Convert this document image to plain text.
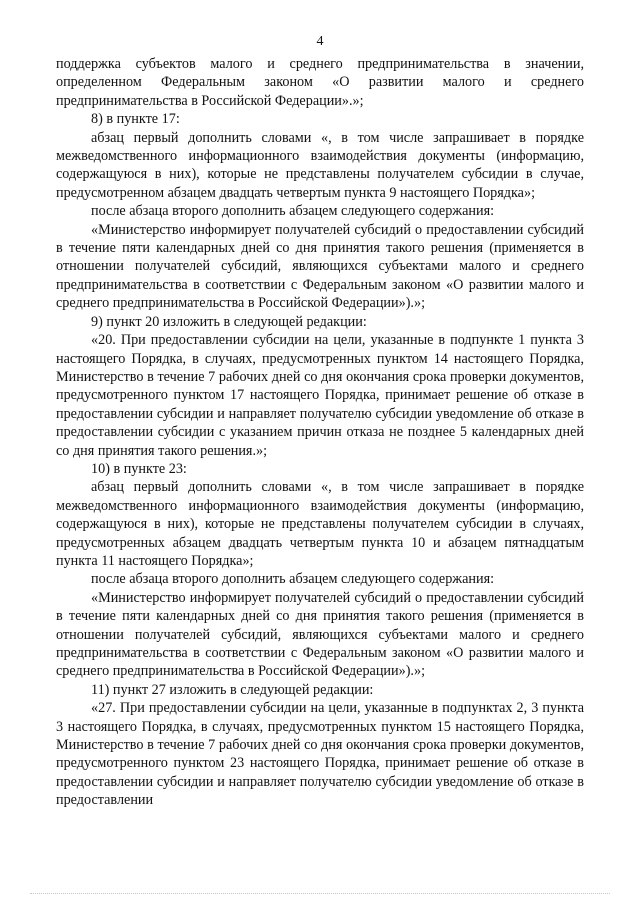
4

поддержка субъектов малого и среднего предпринимательства в значении, определенном Федеральным законом «О развитии малого и среднего предпринимательства в Российской Федерации».»;

8) в пункте 17:

абзац первый дополнить словами «, в том числе запрашивает в порядке межведомственного информационного взаимодействия документы (информацию, содержащуюся в них), которые не представлены получателем субсидии в случае, предусмотренном абзацем двадцать четвертым пункта 9 настоящего Порядка»;

после абзаца второго дополнить абзацем следующего содержания:

«Министерство информирует получателей субсидий о предоставлении субсидий в течение пяти календарных дней со дня принятия такого решения (применяется в отношении получателей субсидий, являющихся субъектами малого и среднего предпринимательства в соответствии с Федеральным законом «О развитии малого и среднего предпринимательства в Российской Федерации»).»;

9) пункт 20 изложить в следующей редакции:

«20. При предоставлении субсидии на цели, указанные в подпункте 1 пункта 3 настоящего Порядка, в случаях, предусмотренных пунктом 14 настоящего Порядка, Министерство в течение 7 рабочих дней со дня окончания срока проверки документов, предусмотренного пунктом 17 настоящего Порядка, принимает решение об отказе в предоставлении субсидии и направляет получателю субсидии уведомление об отказе в предоставлении субсидии с указанием причин отказа не позднее 5 календарных дней со дня принятия такого решения.»;

10) в пункте 23:

абзац первый дополнить словами «, в том числе запрашивает в порядке межведомственного информационного взаимодействия документы (информацию, содержащуюся в них), которые не представлены получателем субсидии в случаях, предусмотренных абзацем двадцать четвертым пункта 10 и абзацем пятнадцатым пункта 11 настоящего Порядка»;

после абзаца второго дополнить абзацем следующего содержания:

«Министерство информирует получателей субсидий о предоставлении субсидий в течение пяти календарных дней со дня принятия такого решения (применяется в отношении получателей субсидий, являющихся субъектами малого и среднего предпринимательства в соответствии с Федеральным законом «О развитии малого и среднего предпринимательства в Российской Федерации»).»;

11) пункт 27 изложить в следующей редакции:

«27. При предоставлении субсидии на цели, указанные в подпунктах 2, 3 пункта 3 настоящего Порядка, в случаях, предусмотренных пунктом 15 настоящего Порядка, Министерство в течение 7 рабочих дней со дня окончания срока проверки документов, предусмотренного пунктом 23 настоящего Порядка, принимает решение об отказе в предоставлении субсидии и направляет получателю субсидии уведомление об отказе в предоставлении
